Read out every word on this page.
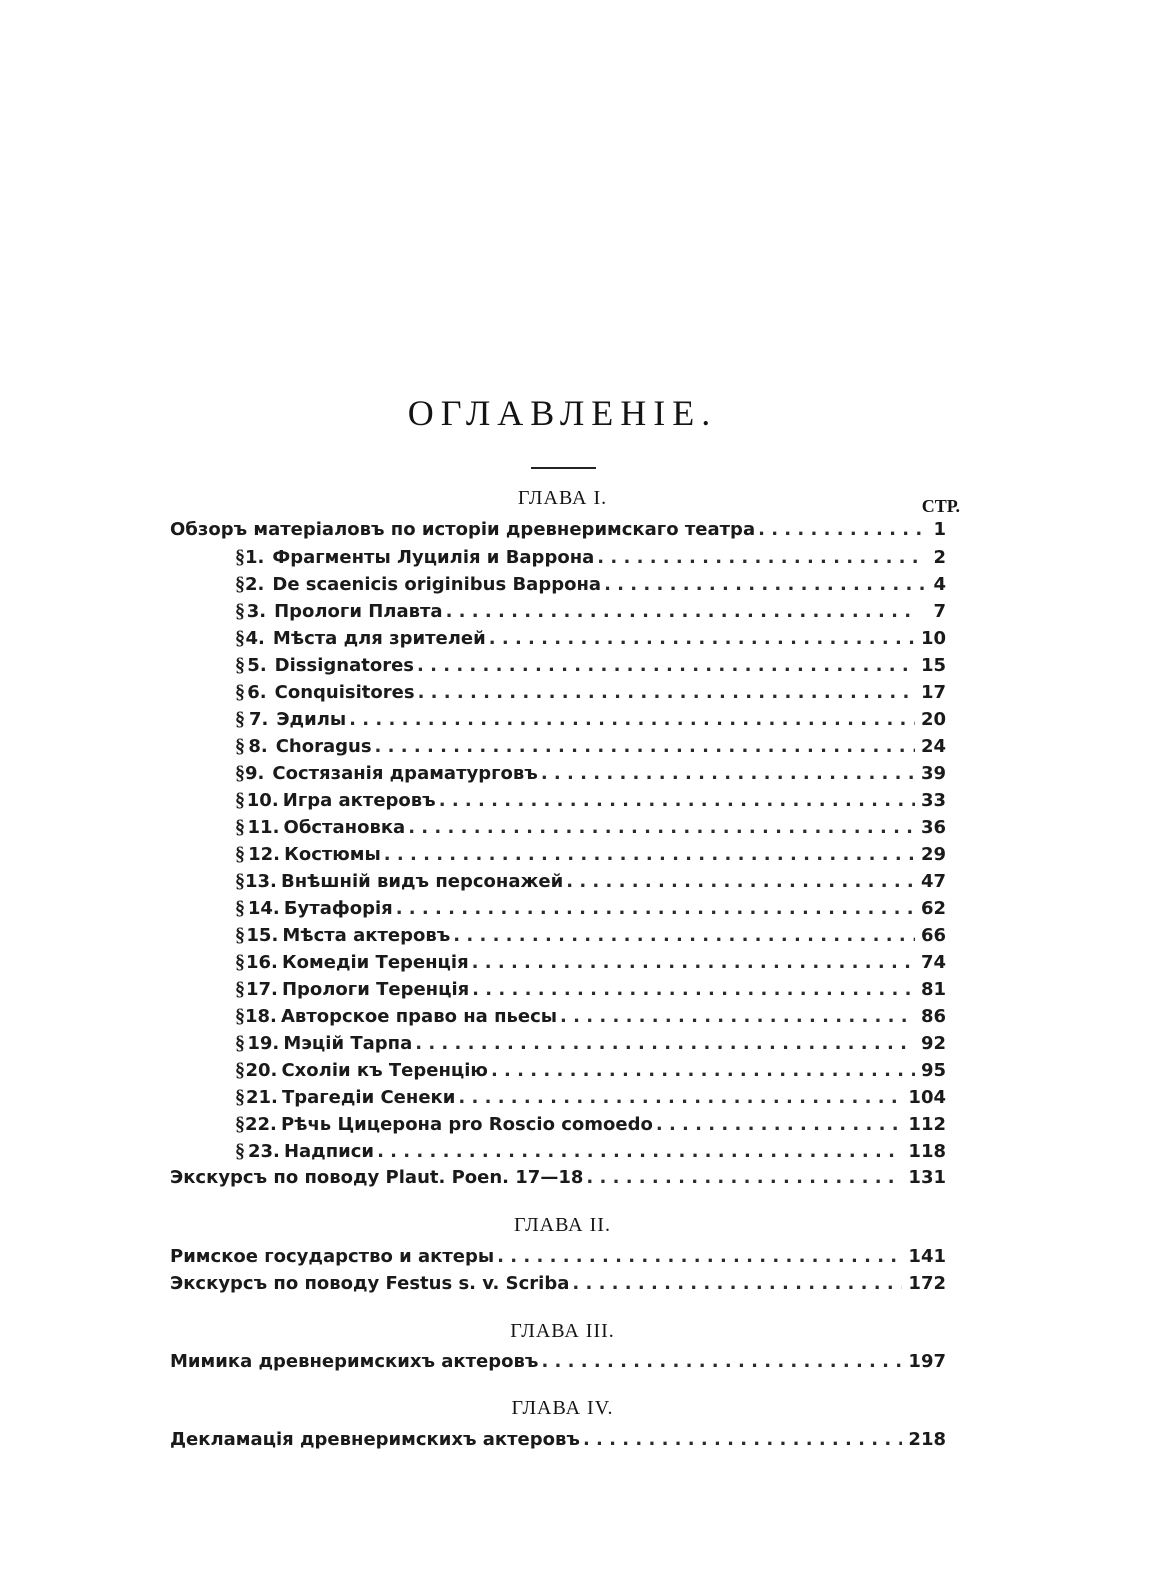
ОГЛАВЛЕНІЕ.
ГЛАВА I.	СТР.
Обзоръ матеріаловъ по исторіи древнеримскаго театра . . .	1
§ 1. Фрагменты Луцилія и Варрона . . .	2
§ 2. De scaenicis originibus Варрона . . .	4
§ 3. Прологи Плавта . . .	7
§ 4. Мѣста для зрителей . . .	10
§ 5. Dissignatores . . .	15
§ 6. Conquisitores . . .	17
§ 7. Эдилы . . .	20
§ 8. Choragus . . .	24
§ 9. Состязанія драматурговъ . . .	39
§ 10. Игра актеровъ . . .	33
§ 11. Обстановка . . .	36
§ 12. Костюмы . . .	29
§ 13. Внѣшній видъ персонажей . . .	47
§ 14. Бутафорія . . .	62
§ 15. Мѣста актеровъ . . .	66
§ 16. Комедіи Теренція . . .	74
§ 17. Прологи Теренція . . .	81
§ 18. Авторское право на пьесы . . .	86
§ 19. Мэцій Тарпа . . .	92
§ 20. Схоліи къ Теренцію . . .	95
§ 21. Трагедіи Сенеки . . .	104
§ 22. Рѣчь Цицерона pro Roscio comoedo . . .	112
§ 23. Надписи . . .	118
Экскурсъ по поводу Plaut. Poen. 17—18 . . .	131
ГЛАВА II.
Римское государство и актеры . . .	141
Экскурсъ по поводу Festus s. v. Scriba . . .	172
ГЛАВА III.
Мимика древнеримскихъ актеровъ . . .	197
ГЛАВА IV.
Декламація древнеримскихъ актеровъ . . .	218
